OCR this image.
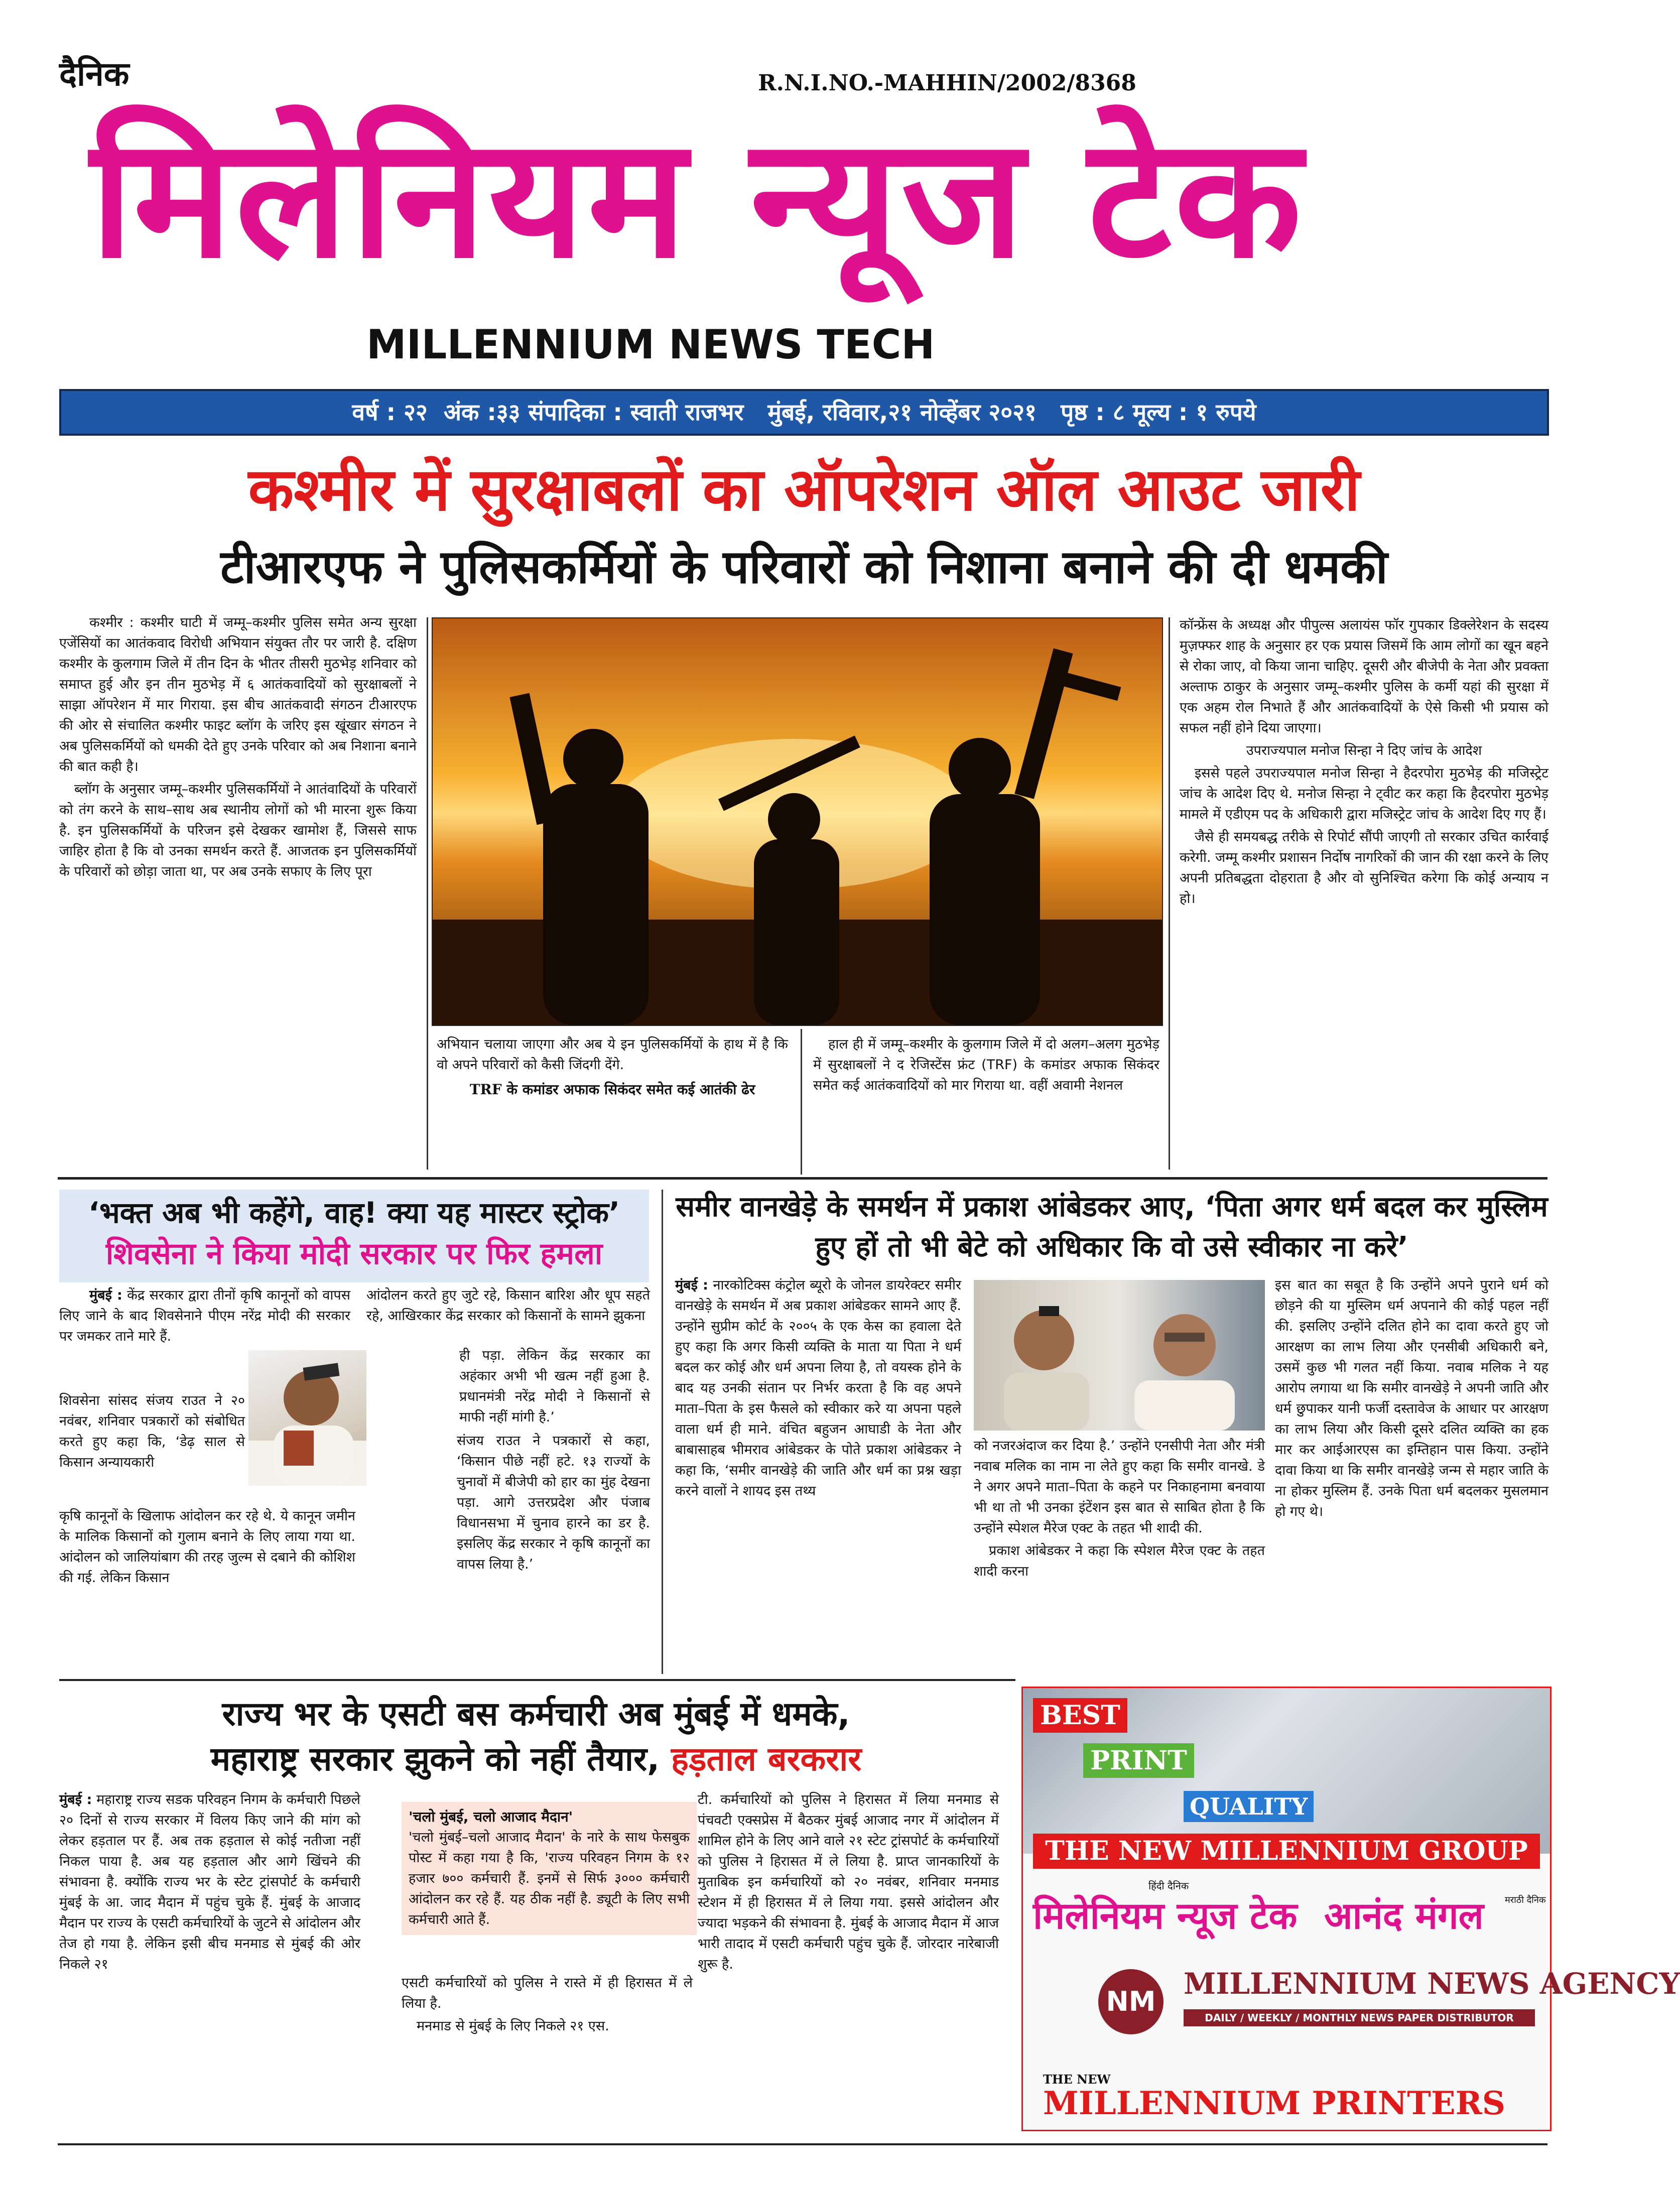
दैनिक	R.N.I.NO.-MAHHIN/2002/8368
मिलेनियम न्यूज टेक
MILLENNIUM NEWS TECH
वर्ष : २२  अंक :३३ संपादिका : स्वाती राजभर   मुंबई, रविवार,२१ नोव्हेंबर २०२१   पृष्ठ : ८ मूल्य : १ रुपये
कश्मीर में सुरक्षाबलों का ऑपरेशन ऑल आउट जारी
टीआरएफ ने पुलिसकर्मियों के परिवारों को निशाना बनाने की दी धमकी

कश्मीर : कश्मीर घाटी में जम्मू–कश्मीर पुलिस समेत अन्य सुरक्षा एजेंसियों का आतंकवाद विरोधी अभियान संयुक्त तौर पर जारी है. दक्षिण कश्मीर के कुलगाम जिले में तीन दिन के भीतर तीसरी मुठभेड़ शनिवार को समाप्त हुई और इन तीन मुठभेड़ में ६ आतंकवादियों को सुरक्षाबलों ने साझा ऑपरेशन में मार गिराया. इस बीच आतंकवादी संगठन टीआरएफ की ओर से संचालित कश्मीर फाइट ब्लॉग के जरिए इस खूंखार संगठन ने अब पुलिसकर्मियों को धमकी देते हुए उनके परिवार को अब निशाना बनाने की बात कही है।

ब्लॉग के अनुसार जम्मू–कश्मीर पुलिसकर्मियों ने आतंवादियों के परिवारों को तंग करने के साथ–साथ अब स्थानीय लोगों को भी मारना शुरू किया है. इन पुलिसकर्मियों के परिजन इसे देखकर खामोश हैं, जिससे साफ जाहिर होता है कि वो उनका समर्थन करते हैं. आजतक इन पुलिसकर्मियों के परिवारों को छोड़ा जाता था, पर अब उनके सफाए के लिए पूरा

अभियान चलाया जाएगा और अब ये इन पुलिसकर्मियों के हाथ में है कि वो अपने परिवारों को कैसी जिंदगी देंगे.

TRF के कमांडर अफाक सिकंदर समेत कई आतंकी ढेर

हाल ही में जम्मू–कश्मीर के कुलगाम जिले में दो अलग–अलग मुठभेड़ में सुरक्षाबलों ने द रेजिस्टेंस फ्रंट (TRF) के कमांडर अफाक सिकंदर समेत कई आतंकवादियों को मार गिराया था. वहीं अवामी नेशनल

कॉन्फ्रेंस के अध्यक्ष और पीपुल्स अलायंस फॉर गुपकार डिक्लेरेशन के सदस्य मुज़फ्फर शाह के अनुसार हर एक प्रयास जिसमें कि आम लोगों का खून बहने से रोका जाए, वो किया जाना चाहिए. दूसरी और बीजेपी के नेता और प्रवक्ता अल्ताफ ठाकुर के अनुसार जम्मू–कश्मीर पुलिस के कर्मी यहां की सुरक्षा में एक अहम रोल निभाते हैं और आतंकवादियों के ऐसे किसी भी प्रयास को सफल नहीं होने दिया जाएगा।

उपराज्यपाल मनोज सिन्हा ने दिए जांच के आदेश

इससे पहले उपराज्यपाल मनोज सिन्हा ने हैदरपोरा मुठभेड़ की मजिस्ट्रेट जांच के आदेश दिए थे. मनोज सिन्हा ने ट्वीट कर कहा कि हैदरपोरा मुठभेड़ मामले में एडीएम पद के अधिकारी द्वारा मजिस्ट्रेट जांच के आदेश दिए गए हैं।

जैसे ही समयबद्ध तरीके से रिपोर्ट सौंपी जाएगी तो सरकार उचित कार्रवाई करेगी. जम्मू कश्मीर प्रशासन निर्दोष नागरिकों की जान की रक्षा करने के लिए अपनी प्रतिबद्धता दोहराता है और वो सुनिश्चित करेगा कि कोई अन्याय न हो।

‘भक्त अब भी कहेंगे, वाह! क्या यह मास्टर स्ट्रोक’
शिवसेना ने किया मोदी सरकार पर फिर हमला

मुंबई : केंद्र सरकार द्वारा तीनों कृषि कानूनों को वापस लिए जाने के बाद शिवसेनाने पीएम नरेंद्र मोदी की सरकार पर जमकर ताने मारे हैं.

शिवसेना सांसद संजय राउत ने २० नवंबर, शनिवार पत्रकारों को संबोधित करते हुए कहा कि, ‘डेढ़ साल से किसान अन्यायकारी

कृषि कानूनों के खिलाफ आंदोलन कर रहे थे. ये कानून जमीन के मालिक किसानों को गुलाम बनाने के लिए लाया गया था. आंदोलन को जालियांबाग की तरह जुल्म से दबाने की कोशिश की गई. लेकिन किसान

आंदोलन करते हुए जुटे रहे, किसान बारिश और धूप सहते रहे, आखिरकार केंद्र सरकार को किसानों के सामने झुकना

ही पड़ा. लेकिन केंद्र सरकार का अहंकार अभी भी खत्म नहीं हुआ है. प्रधानमंत्री नरेंद्र मोदी ने किसानों से माफी नहीं मांगी है.’

संजय राउत ने पत्रकारों से कहा, ‘किसान पीछे नहीं हटे. १३ राज्यों के चुनावों में बीजेपी को हार का मुंह देखना पड़ा. आगे उत्तरप्रदेश और पंजाब विधानसभा में चुनाव हारने का डर है. इसलिए केंद्र सरकार ने कृषि कानूनों का वापस लिया है.’

समीर वानखेड़े के समर्थन में प्रकाश आंबेडकर आए, ‘पिता अगर धर्म बदल कर मुस्लिम हुए हों तो भी बेटे को अधिकार कि वो उसे स्वीकार ना करे’

मुंबई : नारकोटिक्स कंट्रोल ब्यूरो के जोनल डायरेक्टर समीर वानखेड़े के समर्थन में अब प्रकाश आंबेडकर सामने आए हैं. उन्होंने सुप्रीम कोर्ट के २००५ के एक केस का हवाला देते हुए कहा कि अगर किसी व्यक्ति के माता या पिता ने धर्म बदल कर कोई और धर्म अपना लिया है, तो वयस्क होने के बाद यह उनकी संतान पर निर्भर करता है कि वह अपने माता–पिता के इस फैसले को स्वीकार करे या अपना पहले वाला धर्म ही माने. वंचित बहुजन आघाडी के नेता और बाबासाहब भीमराव आंबेडकर के पोते प्रकाश आंबेडकर ने कहा कि, ‘समीर वानखेड़े की जाति और धर्म का प्रश्न खड़ा करने वालों ने शायद इस तथ्य

को नजरअंदाज कर दिया है.’ उन्होंने एनसीपी नेता और मंत्री नवाब मलिक का नाम ना लेते हुए कहा कि समीर वानखे. डे ने अगर अपने माता–पिता के कहने पर निकाहनामा बनवाया भी था तो भी उनका इंटेंशन इस बात से साबित होता है कि उन्होंने स्पेशल मैरेज एक्ट के तहत भी शादी की.

प्रकाश आंबेडकर ने कहा कि स्पेशल मैरेज एक्ट के तहत शादी करना

इस बात का सबूत है कि उन्होंने अपने पुराने धर्म को छोड़ने की या मुस्लिम धर्म अपनाने की कोई पहल नहीं की. इसलिए उन्होंने दलित होने का दावा करते हुए जो आरक्षण का लाभ लिया और एनसीबी अधिकारी बने, उसमें कुछ भी गलत नहीं किया. नवाब मलिक ने यह आरोप लगाया था कि समीर वानखेड़े ने अपनी जाति और धर्म छुपाकर यानी फर्जी दस्तावेज के आधार पर आरक्षण का लाभ लिया और किसी दूसरे दलित व्यक्ति का हक मार कर आईआरएस का इम्तिहान पास किया. उन्होंने दावा किया था कि समीर वानखेड़े जन्म से महार जाति के ना होकर मुस्लिम हैं. उनके पिता धर्म बदलकर मुसलमान हो गए थे।

राज्य भर के एसटी बस कर्मचारी अब मुंबई में धमके,
महाराष्ट्र सरकार झुकने को नहीं तैयार, हड़ताल बरकरार

मुंबई : महाराष्ट्र राज्य सडक परिवहन निगम के कर्मचारी पिछले २० दिनों से राज्य सरकार में विलय किए जाने की मांग को लेकर हड़ताल पर हैं. अब तक हड़ताल से कोई नतीजा नहीं निकल पाया है. अब यह हड़ताल और आगे खिंचने की संभावना है. क्योंकि राज्य भर के स्टेट ट्रांसपोर्ट के कर्मचारी मुंबई के आ. जाद मैदान में पहुंच चुके हैं. मुंबई के आजाद मैदान पर राज्य के एसटी कर्मचारियों के जुटने से आंदोलन और तेज हो गया है. लेकिन इसी बीच मनमाड से मुंबई की ओर निकले २१

'चलो मुंबई, चलो आजाद मैदान'
'चलो मुंबई–चलो आजाद मैदान' के नारे के साथ फेसबुक पोस्ट में कहा गया है कि, 'राज्य परिवहन निगम के १२ हजार ७०० कर्मचारी हैं. इनमें से सिर्फ ३००० कर्मचारी आंदोलन कर रहे हैं. यह ठीक नहीं है. ड्यूटी के लिए सभी कर्मचारी आते हैं.

एसटी कर्मचारियों को पुलिस ने रास्ते में ही हिरासत में ले लिया है.

मनमाड से मुंबई के लिए निकले २१ एस.

टी. कर्मचारियों को पुलिस ने हिरासत में लिया मनमाड से पंचवटी एक्सप्रेस में बैठकर मुंबई आजाद नगर में आंदोलन में शामिल होने के लिए आने वाले २१ स्टेट ट्रांसपोर्ट के कर्मचारियों को पुलिस ने हिरासत में ले लिया है. प्राप्त जानकारियों के मुताबिक इन कर्मचारियों को २० नवंबर, शनिवार मनमाड स्टेशन में ही हिरासत में ले लिया गया. इससे आंदोलन और ज्यादा भड़कने की संभावना है. मुंबई के आजाद मैदान में आज भारी तादाद में एसटी कर्मचारी पहुंच चुके हैं. जोरदार नारेबाजी शुरू है.

BEST
PRINT
QUALITY
THE NEW MILLENNIUM GROUP
हिंदी दैनिक
मिलेनियम न्यूज टेक	मराठी दैनिक
आनंद मंगल
NM
MILLENNIUM NEWS AGENCY
DAILY / WEEKLY / MONTHLY NEWS PAPER DISTRIBUTOR
THE NEW
MILLENNIUM PRINTERS
